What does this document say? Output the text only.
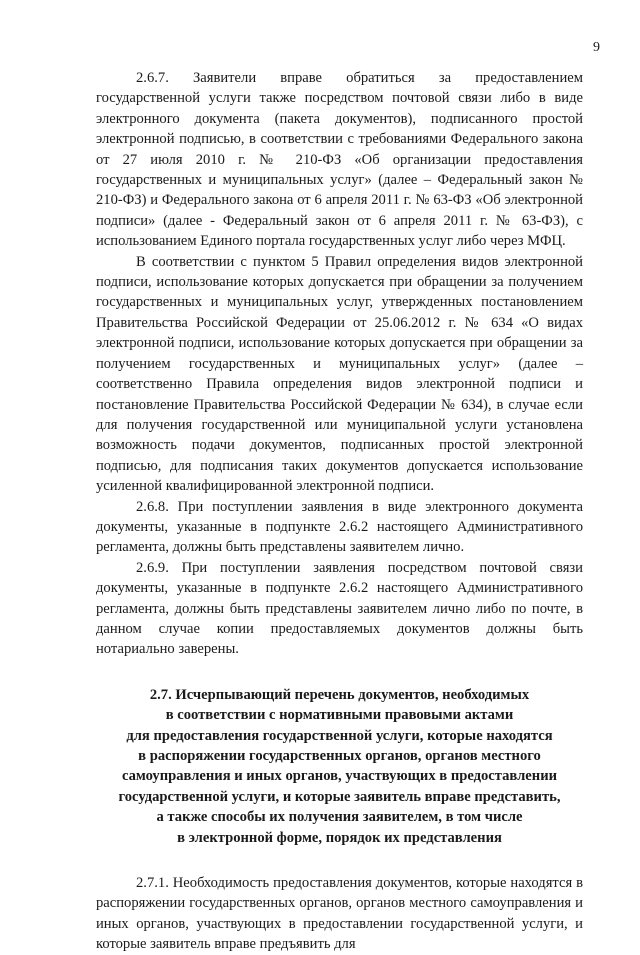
9

2.6.7. Заявители вправе обратиться за предоставлением государственной услуги также посредством почтовой связи либо в виде электронного документа (пакета документов), подписанного простой электронной подписью, в соответствии с требованиями Федерального закона от 27 июля 2010 г. № 210-ФЗ «Об организации предоставления государственных и муниципальных услуг» (далее – Федеральный закон № 210-ФЗ) и Федерального закона от 6 апреля 2011 г. № 63-ФЗ «Об электронной подписи» (далее - Федеральный закон от 6 апреля 2011 г. № 63-ФЗ), с использованием Единого портала государственных услуг либо через МФЦ.

В соответствии с пунктом 5 Правил определения видов электронной подписи, использование которых допускается при обращении за получением государственных и муниципальных услуг, утвержденных постановлением Правительства Российской Федерации от 25.06.2012 г. № 634 «О видах электронной подписи, использование которых допускается при обращении за получением государственных и муниципальных услуг» (далее – соответственно Правила определения видов электронной подписи и постановление Правительства Российской Федерации № 634), в случае если для получения государственной или муниципальной услуги установлена возможность подачи документов, подписанных простой электронной подписью, для подписания таких документов допускается использование усиленной квалифицированной электронной подписи.

2.6.8. При поступлении заявления в виде электронного документа документы, указанные в подпункте 2.6.2 настоящего Административного регламента, должны быть представлены заявителем лично.

2.6.9. При поступлении заявления посредством почтовой связи документы, указанные в подпункте 2.6.2 настоящего Административного регламента, должны быть представлены заявителем лично либо по почте, в данном случае копии предоставляемых документов должны быть нотариально заверены.

2.7. Исчерпывающий перечень документов, необходимых
в соответствии с нормативными правовыми актами
для предоставления государственной услуги, которые находятся
в распоряжении государственных органов, органов местного
самоуправления и иных органов, участвующих в предоставлении
государственной услуги, и которые заявитель вправе представить,
а также способы их получения заявителем, в том числе
в электронной форме, порядок их представления

2.7.1. Необходимость предоставления документов, которые находятся в распоряжении государственных органов, органов местного самоуправления и иных органов, участвующих в предоставлении государственной услуги, и которые заявитель вправе предъявить для
